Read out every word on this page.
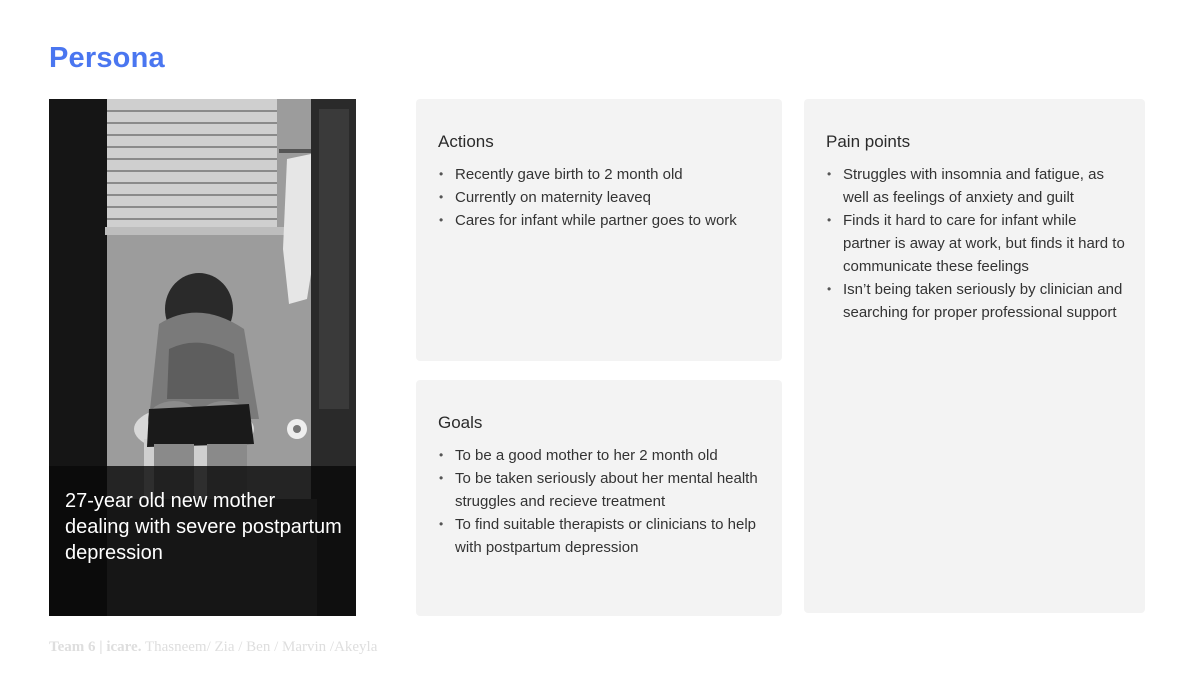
Persona
27-year old new mother dealing with severe postpartum depression
Actions
• Recently gave birth to 2 month old
• Currently on maternity leaveq
• Cares for infant while partner goes to work
Goals
• To be a good mother to her 2 month old
• To be taken seriously about her mental health struggles and recieve treatment
• To find suitable therapists or clinicians to help with postpartum depression
Pain points
• Struggles with insomnia and fatigue, as well as feelings of anxiety and guilt
• Finds it hard to care for infant while partner is away at work, but finds it hard to communicate these feelings
• Isn’t being taken seriously by clinician and searching for proper professional support
Team 6 | icare. Thasneem/ Zia / Ben / Marvin /Akeyla
